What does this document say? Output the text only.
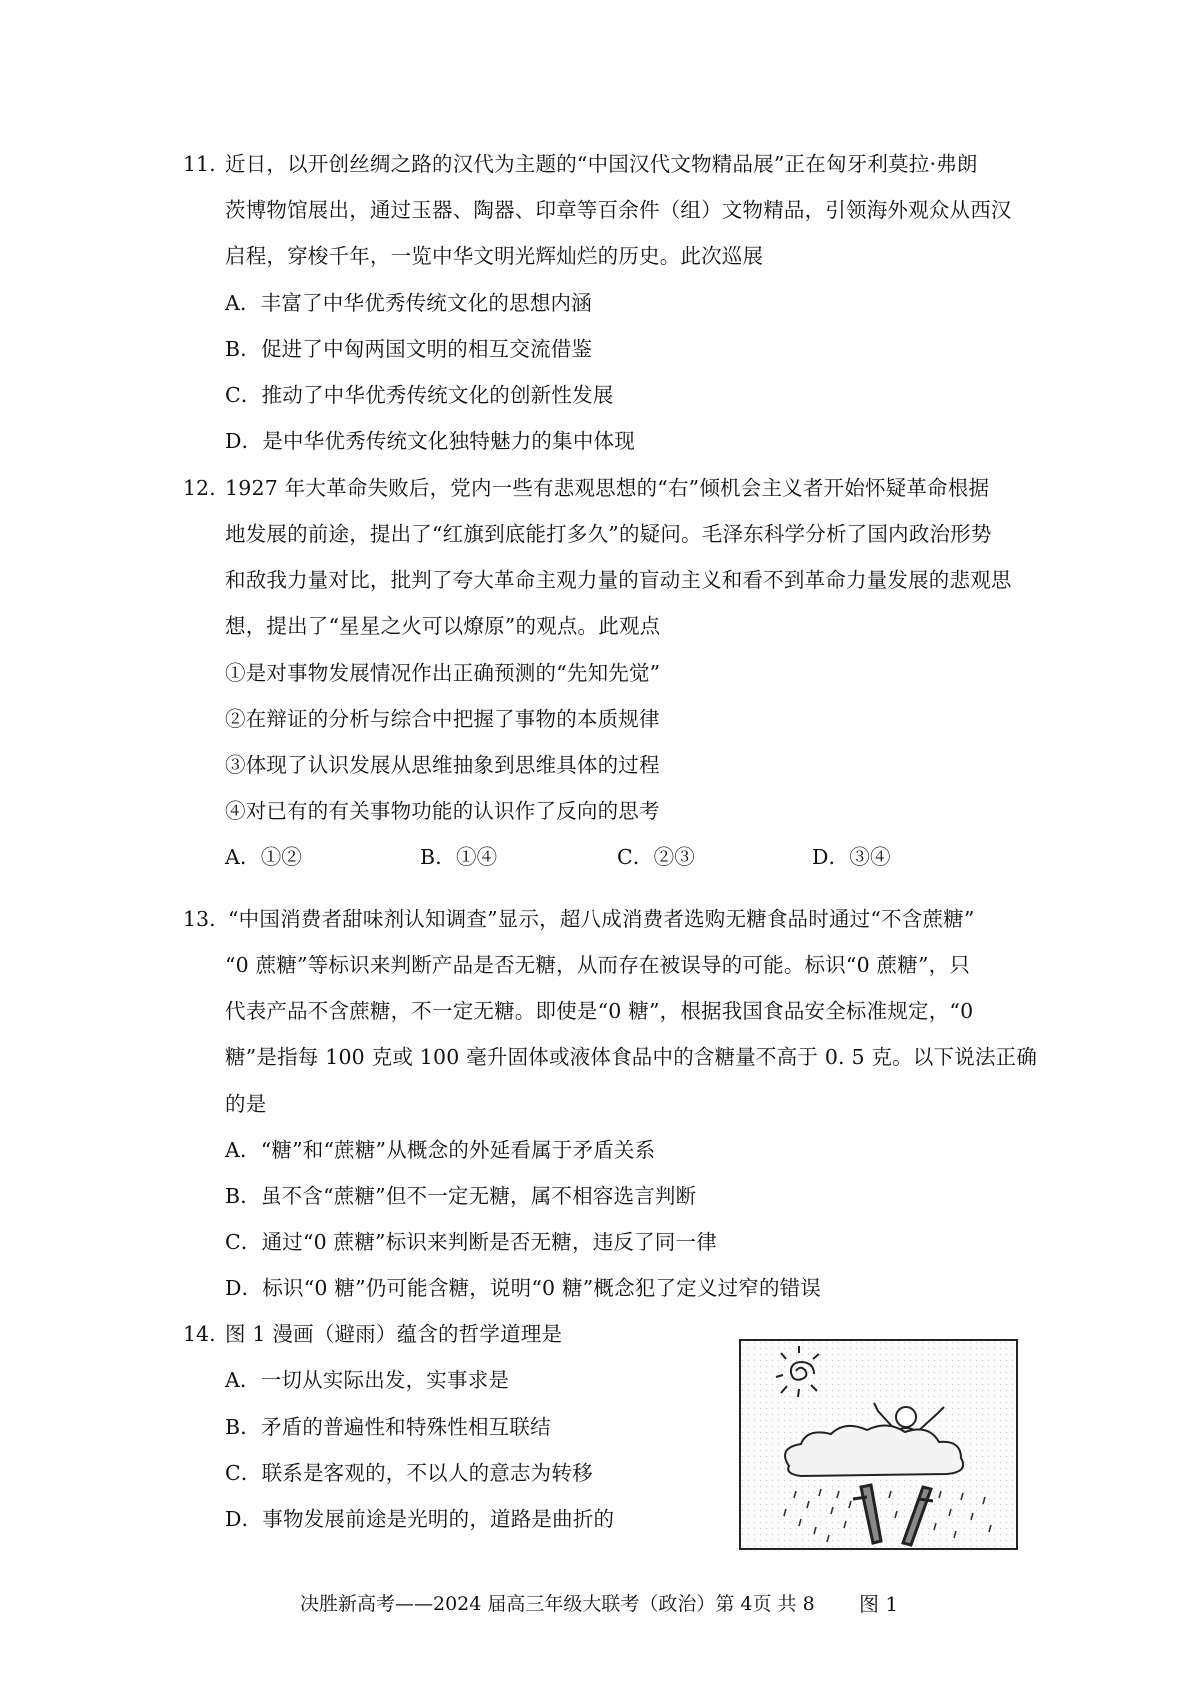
11. 近日，以开创丝绸之路的汉代为主题的“中国汉代文物精品展”正在匈牙利莫拉·弗朗
茨博物馆展出，通过玉器、陶器、印章等百余件（组）文物精品，引领海外观众从西汉
启程，穿梭千年，一览中华文明光辉灿烂的历史。此次巡展
A．丰富了中华优秀传统文化的思想内涵
B．促进了中匈两国文明的相互交流借鉴
C．推动了中华优秀传统文化的创新性发展
D．是中华优秀传统文化独特魅力的集中体现
12. 1927 年大革命失败后，党内一些有悲观思想的“右”倾机会主义者开始怀疑革命根据
地发展的前途，提出了“红旗到底能打多久”的疑问。毛泽东科学分析了国内政治形势
和敌我力量对比，批判了夸大革命主观力量的盲动主义和看不到革命力量发展的悲观思
想，提出了“星星之火可以燎原”的观点。此观点
①是对事物发展情况作出正确预测的“先知先觉”
②在辩证的分析与综合中把握了事物的本质规律
③体现了认识发展从思维抽象到思维具体的过程
④对已有的有关事物功能的认识作了反向的思考
A．①②	B．①④	C．②③	D．③④
13. “中国消费者甜味剂认知调查”显示，超八成消费者选购无糖食品时通过“不含蔗糖”
“0 蔗糖”等标识来判断产品是否无糖，从而存在被误导的可能。标识“0 蔗糖”，只
代表产品不含蔗糖，不一定无糖。即使是“0 糖”，根据我国食品安全标准规定，“0
糖”是指每 100 克或 100 毫升固体或液体食品中的含糖量不高于 0. 5 克。以下说法正确
的是
A．“糖”和“蔗糖”从概念的外延看属于矛盾关系
B．虽不含“蔗糖”但不一定无糖，属不相容选言判断
C．通过“0 蔗糖”标识来判断是否无糖，违反了同一律
D．标识“0 糖”仍可能含糖，说明“0 糖”概念犯了定义过窄的错误
14. 图 1 漫画（避雨）蕴含的哲学道理是
A．一切从实际出发，实事求是
B．矛盾的普遍性和特殊性相互联结
C．联系是客观的，不以人的意志为转移
D．事物发展前途是光明的，道路是曲折的
图 1
决胜新高考——2024 届高三年级大联考（政治）第 4页 共 8
